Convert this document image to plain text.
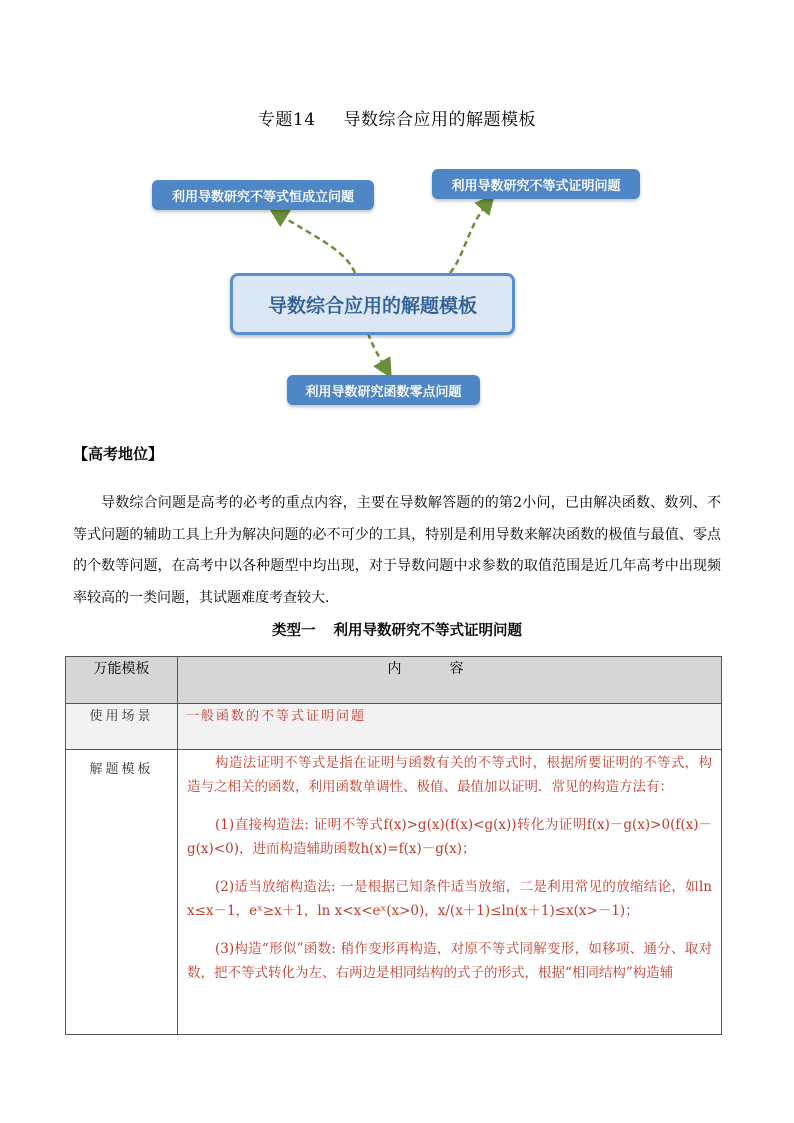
专题14 导数综合应用的解题模板
导数综合应用的解题模板
利用导数研究不等式恒成立问题
利用导数研究不等式证明问题
利用导数研究函数零点问题
【高考地位】
导数综合问题是高考的必考的重点内容，主要在导数解答题的的第2小问，已由解决函数、数列、不等式问题的辅助工具上升为解决问题的必不可少的工具，特别是利用导数来解决函数的极值与最值、零点的个数等问题，在高考中以各种题型中均出现，对于导数问题中求参数的取值范围是近几年高考中出现频率较高的一类问题，其试题难度考查较大.
类型一 利用导数研究不等式证明问题
万能模板	内容
使用场景	一般函数的不等式证明问题
解题模板	构造法证明不等式是指在证明与函数有关的不等式时，根据所要证明的不等式，构造与之相关的函数，利用函数单调性、极值、最值加以证明．常见的构造方法有：

(1)直接构造法: 证明不等式f(x)>g(x)(f(x)<g(x))转化为证明f(x)－g(x)>0(f(x)－g(x)<0)，进而构造辅助函数h(x)=f(x)－g(x)；

(2)适当放缩构造法: 一是根据已知条件适当放缩，二是利用常见的放缩结论，如ln x≤x－1，eˣ≥x＋1，ln x<x<eˣ(x>0)，x/(x＋1)≤ln(x＋1)≤x(x>－1)；

(3)构造“形似”函数: 稍作变形再构造，对原不等式同解变形，如移项、通分、取对数，把不等式转化为左、右两边是相同结构的式子的形式，根据“相同结构”构造辅
